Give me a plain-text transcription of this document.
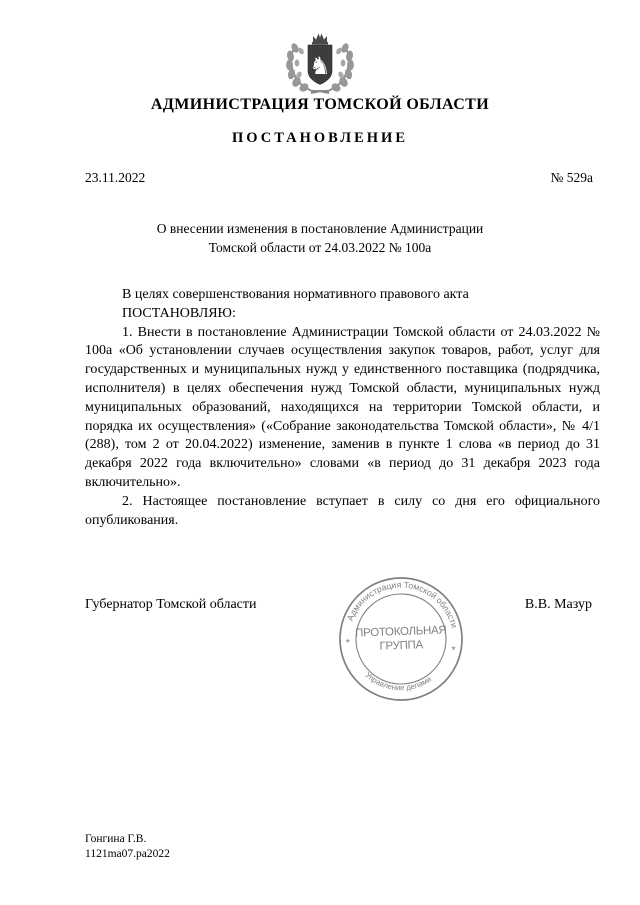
♞
АДМИНИСТРАЦИЯ ТОМСКОЙ ОБЛАСТИ
ПОСТАНОВЛЕНИЕ
23.11.2022	№ 529а
О внесении изменения в постановление Администрации
Томской области от 24.03.2022 № 100а

В целях совершенствования нормативного правового акта

ПОСТАНОВЛЯЮ:

1. Внести в постановление Администрации Томской области от 24.03.2022 № 100а «Об установлении случаев осуществления закупок товаров, работ, услуг для государственных и муниципальных нужд у единственного поставщика (подрядчика, исполнителя) в целях обеспечения нужд Томской области, муниципальных нужд муниципальных образований, находящихся на территории Томской области, и порядка их осуществления» («Собрание законодательства Томской области», № 4/1 (288), том 2 от 20.04.2022) изменение, заменив в пункте 1 слова «в период до 31 декабря 2022 года включительно» словами «в период до 31 декабря 2023 года включительно».

2. Настоящее постановление вступает в силу со дня его официального опубликования.

Губернатор Томской области	В.В. Мазур
Администрация Томской области
Управление делами
*
*
ПРОТОКОЛЬНАЯ
ГРУППА
Гонгина Г.В.
1121ma07.pa2022
